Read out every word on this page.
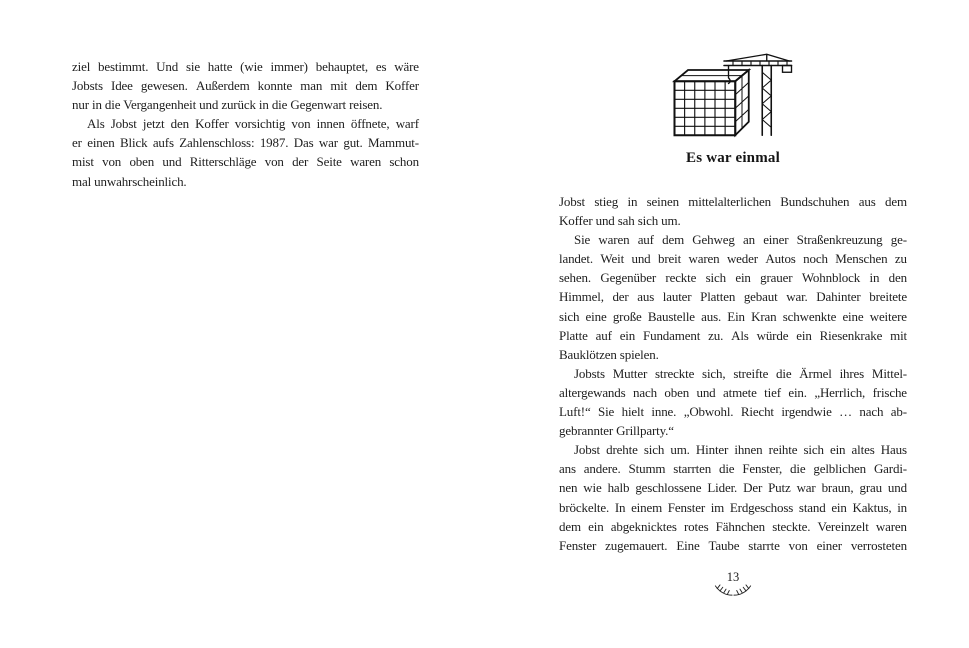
ziel bestimmt. Und sie hatte (wie immer) behauptet, es wäre
Jobsts Idee gewesen. Außerdem konnte man mit dem Koffer
nur in die Vergangenheit und zurück in die Gegenwart reisen.
Als Jobst jetzt den Koffer vorsichtig von innen öffnete, warf
er einen Blick aufs Zahlenschloss: 1987. Das war gut. Mammut-
mist von oben und Ritterschläge von der Seite waren schon
mal unwahrscheinlich.
Es war einmal
Jobst stieg in seinen mittelalterlichen Bundschuhen aus dem
Koffer und sah sich um.
Sie waren auf dem Gehweg an einer Straßenkreuzung ge-
landet. Weit und breit waren weder Autos noch Menschen zu
sehen. Gegenüber reckte sich ein grauer Wohnblock in den
Himmel, der aus lauter Platten gebaut war. Dahinter breitete
sich eine große Baustelle aus. Ein Kran schwenkte eine weitere
Platte auf ein Fundament zu. Als würde ein Riesenkrake mit
Bauklötzen spielen.
Jobsts Mutter streckte sich, streifte die Ärmel ihres Mittel-
altergewands nach oben und atmete tief ein. „Herrlich, frische
Luft!“ Sie hielt inne. „Obwohl. Riecht irgendwie … nach ab-
gebrannter Grillparty.“
Jobst drehte sich um. Hinter ihnen reihte sich ein altes Haus
ans andere. Stumm starrten die Fenster, die gelblichen Gardi-
nen wie halb geschlossene Lider. Der Putz war braun, grau und
bröckelte. In einem Fenster im Erdgeschoss stand ein Kaktus, in
dem ein abgeknicktes rotes Fähnchen steckte. Vereinzelt waren
Fenster zugemauert. Eine Taube starrte von einer verrosteten
13
